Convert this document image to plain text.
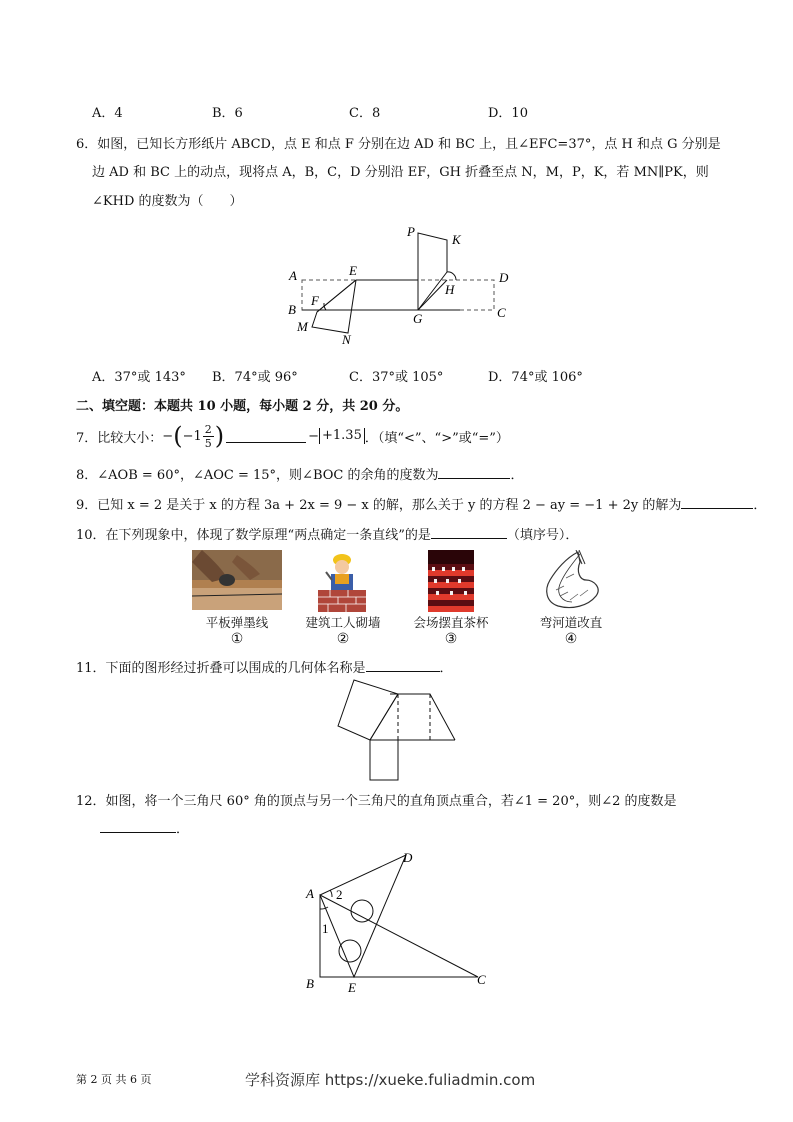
A．4	B．6	C．8	D．10
6．如图，已知长方形纸片 ABCD，点 E 和点 F 分别在边 AD 和 BC 上，且∠EFC=37°，点 H 和点 G 分别是
边 AD 和 BC 上的动点，现将点 A，B，C，D 分别沿 EF，GH 折叠至点 N，M，P，K，若 MN∥PK，则
∠KHD 的度数为（　　）
P
K
A	E	D
H
B
F
G	C
M
N
A．37°或 143° B．74°或 96°	C．37°或 105°	D．74°或 106°
二、填空题：本题共 10 小题，每小题 2 分，共 20 分。
7．比较大小： − ( $-1 \frac{2}{5}$ )	− +1.35 ．（填“<”、“>”或“=”）
8．∠AOB = 60°，∠AOC = 15°，则∠BOC 的余角的度数为	．
9．已知 x = 2 是关于 x 的方程 3a + 2x = 9 − x 的解，那么关于 y 的方程 2 − ay = −1 + 2y 的解为	．
10．在下列现象中，体现了数学原理“两点确定一条直线”的是	（填序号）．
平板弹墨线	建筑工人砌墙	会场摆直茶杯	弯河道改直
①	②	③	④
11．下面的图形经过折叠可以围成的几何体名称是	．
12．如图，将一个三角尺 60° 角的顶点与另一个三角尺的直角顶点重合，若∠1 = 20°，则∠2 的度数是
．
D
A 2
1
B	E
C
第 2 页 共 6 页	学科资源库 https://xueke.fuliadmin.com
